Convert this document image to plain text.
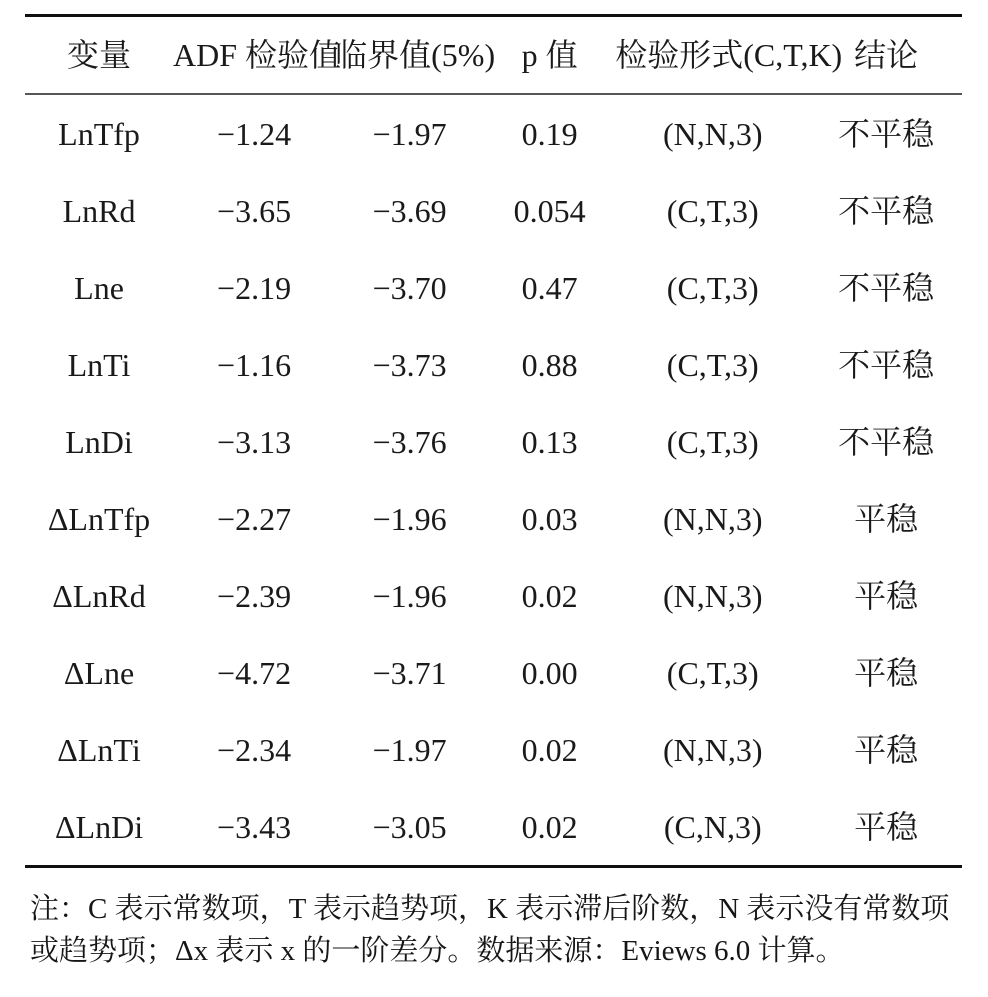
变量	ADF 检验值	临界值(5%)	p 值	检验形式(C,T,K)	结论
LnTfp	−1.24	−1.97	0.19	(N,N,3)	不平稳
LnRd	−3.65	−3.69	0.054	(C,T,3)	不平稳
Lne	−2.19	−3.70	0.47	(C,T,3)	不平稳
LnTi	−1.16	−3.73	0.88	(C,T,3)	不平稳
LnDi	−3.13	−3.76	0.13	(C,T,3)	不平稳
ΔLnTfp	−2.27	−1.96	0.03	(N,N,3)	平稳
ΔLnRd	−2.39	−1.96	0.02	(N,N,3)	平稳
ΔLne	−4.72	−3.71	0.00	(C,T,3)	平稳
ΔLnTi	−2.34	−1.97	0.02	(N,N,3)	平稳
ΔLnDi	−3.43	−3.05	0.02	(C,N,3)	平稳
注：C 表示常数项，T 表示趋势项，K 表示滞后阶数，N 表示没有常数项或趋势项；Δx 表示 x 的一阶差分。数据来源：Eviews 6.0 计算。
